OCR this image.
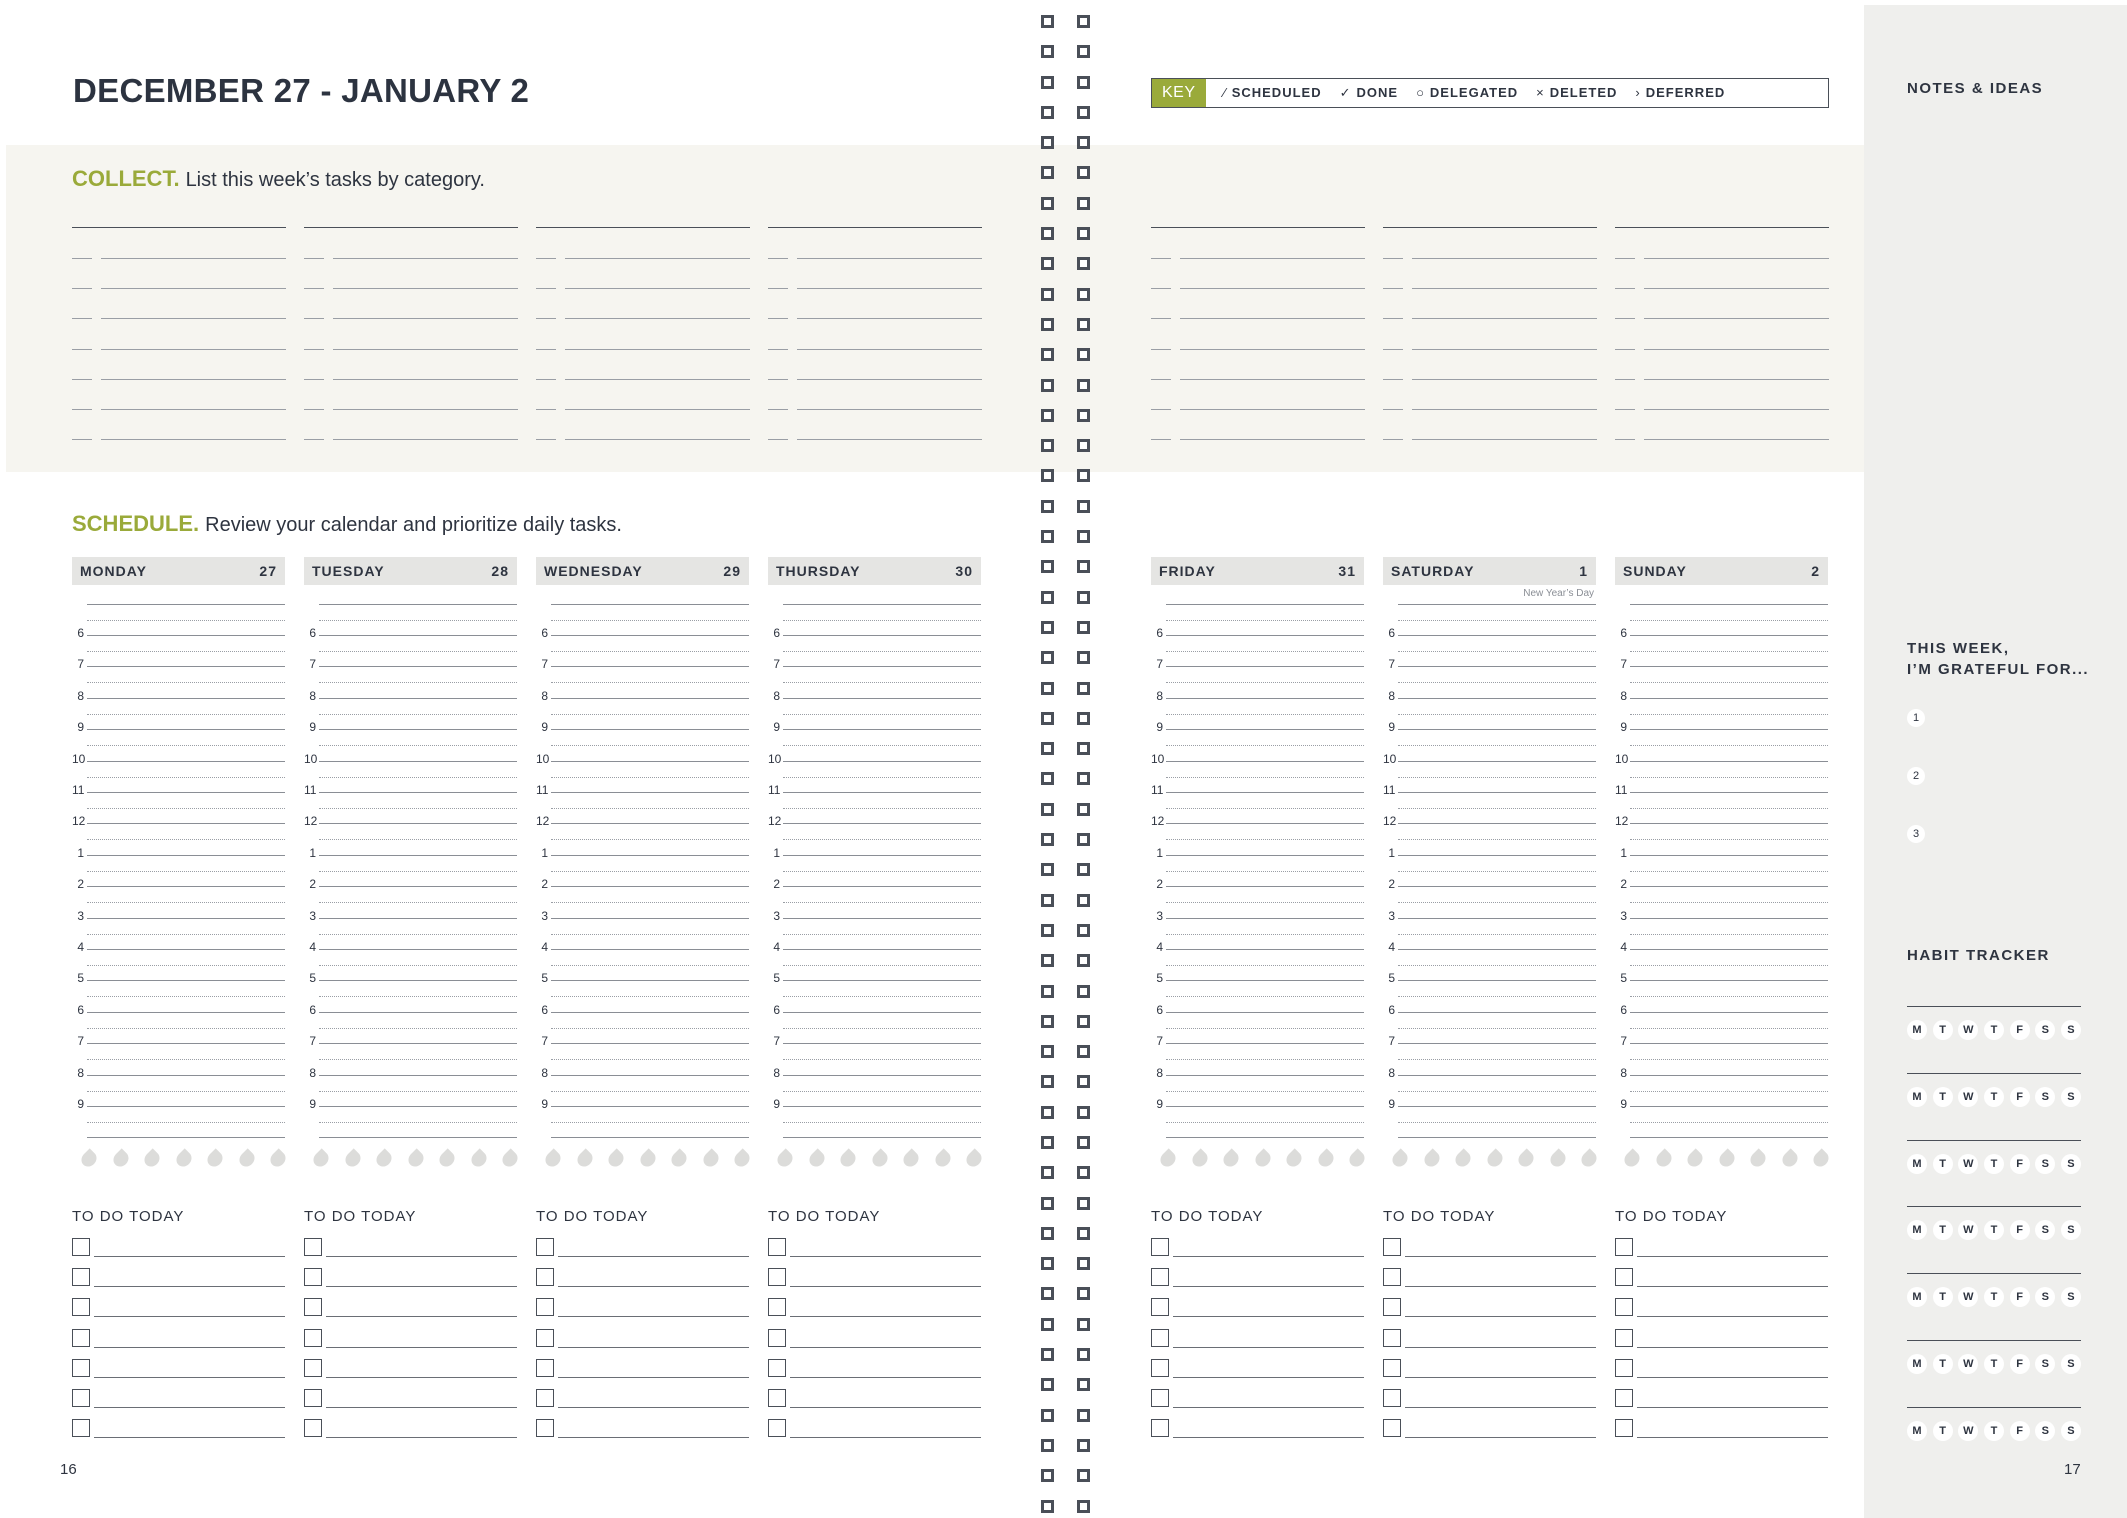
DECEMBER 27 - JANUARY 2
COLLECT. List this week’s tasks by category.
KEY	⁄ SCHEDULED ✓ DONE ○ DELEGATED × DELETED › DEFERRED
SCHEDULE. Review your calendar and prioritize daily tasks.
MONDAY	27
6
7
8
9
10
11
12
1
2
3
4
5
6
7
8
9
TO DO TODAY
TUESDAY	28
6
7
8
9
10
11
12
1
2
3
4
5
6
7
8
9
TO DO TODAY
WEDNESDAY	29
6
7
8
9
10
11
12
1
2
3
4
5
6
7
8
9
TO DO TODAY
THURSDAY	30
6
7
8
9
10
11
12
1
2
3
4
5
6
7
8
9
TO DO TODAY
FRIDAY	31
6
7
8
9
10
11
12
1
2
3
4
5
6
7
8
9
TO DO TODAY
SATURDAY	1
New Year’s Day
6
7
8
9
10
11
12
1
2
3
4
5
6
7
8
9
TO DO TODAY
SUNDAY	2
6
7
8
9
10
11
12
1
2
3
4
5
6
7
8
9
TO DO TODAY
NOTES & IDEAS
THIS WEEK,
I’M GRATEFUL FOR...
1
2
3
HABIT TRACKER
M	T	W	T	F	S	S
M	T	W	T	F	S	S
M	T	W	T	F	S	S
M	T	W	T	F	S	S
M	T	W	T	F	S	S
M	T	W	T	F	S	S
M	T	W	T	F	S	S
16	17
